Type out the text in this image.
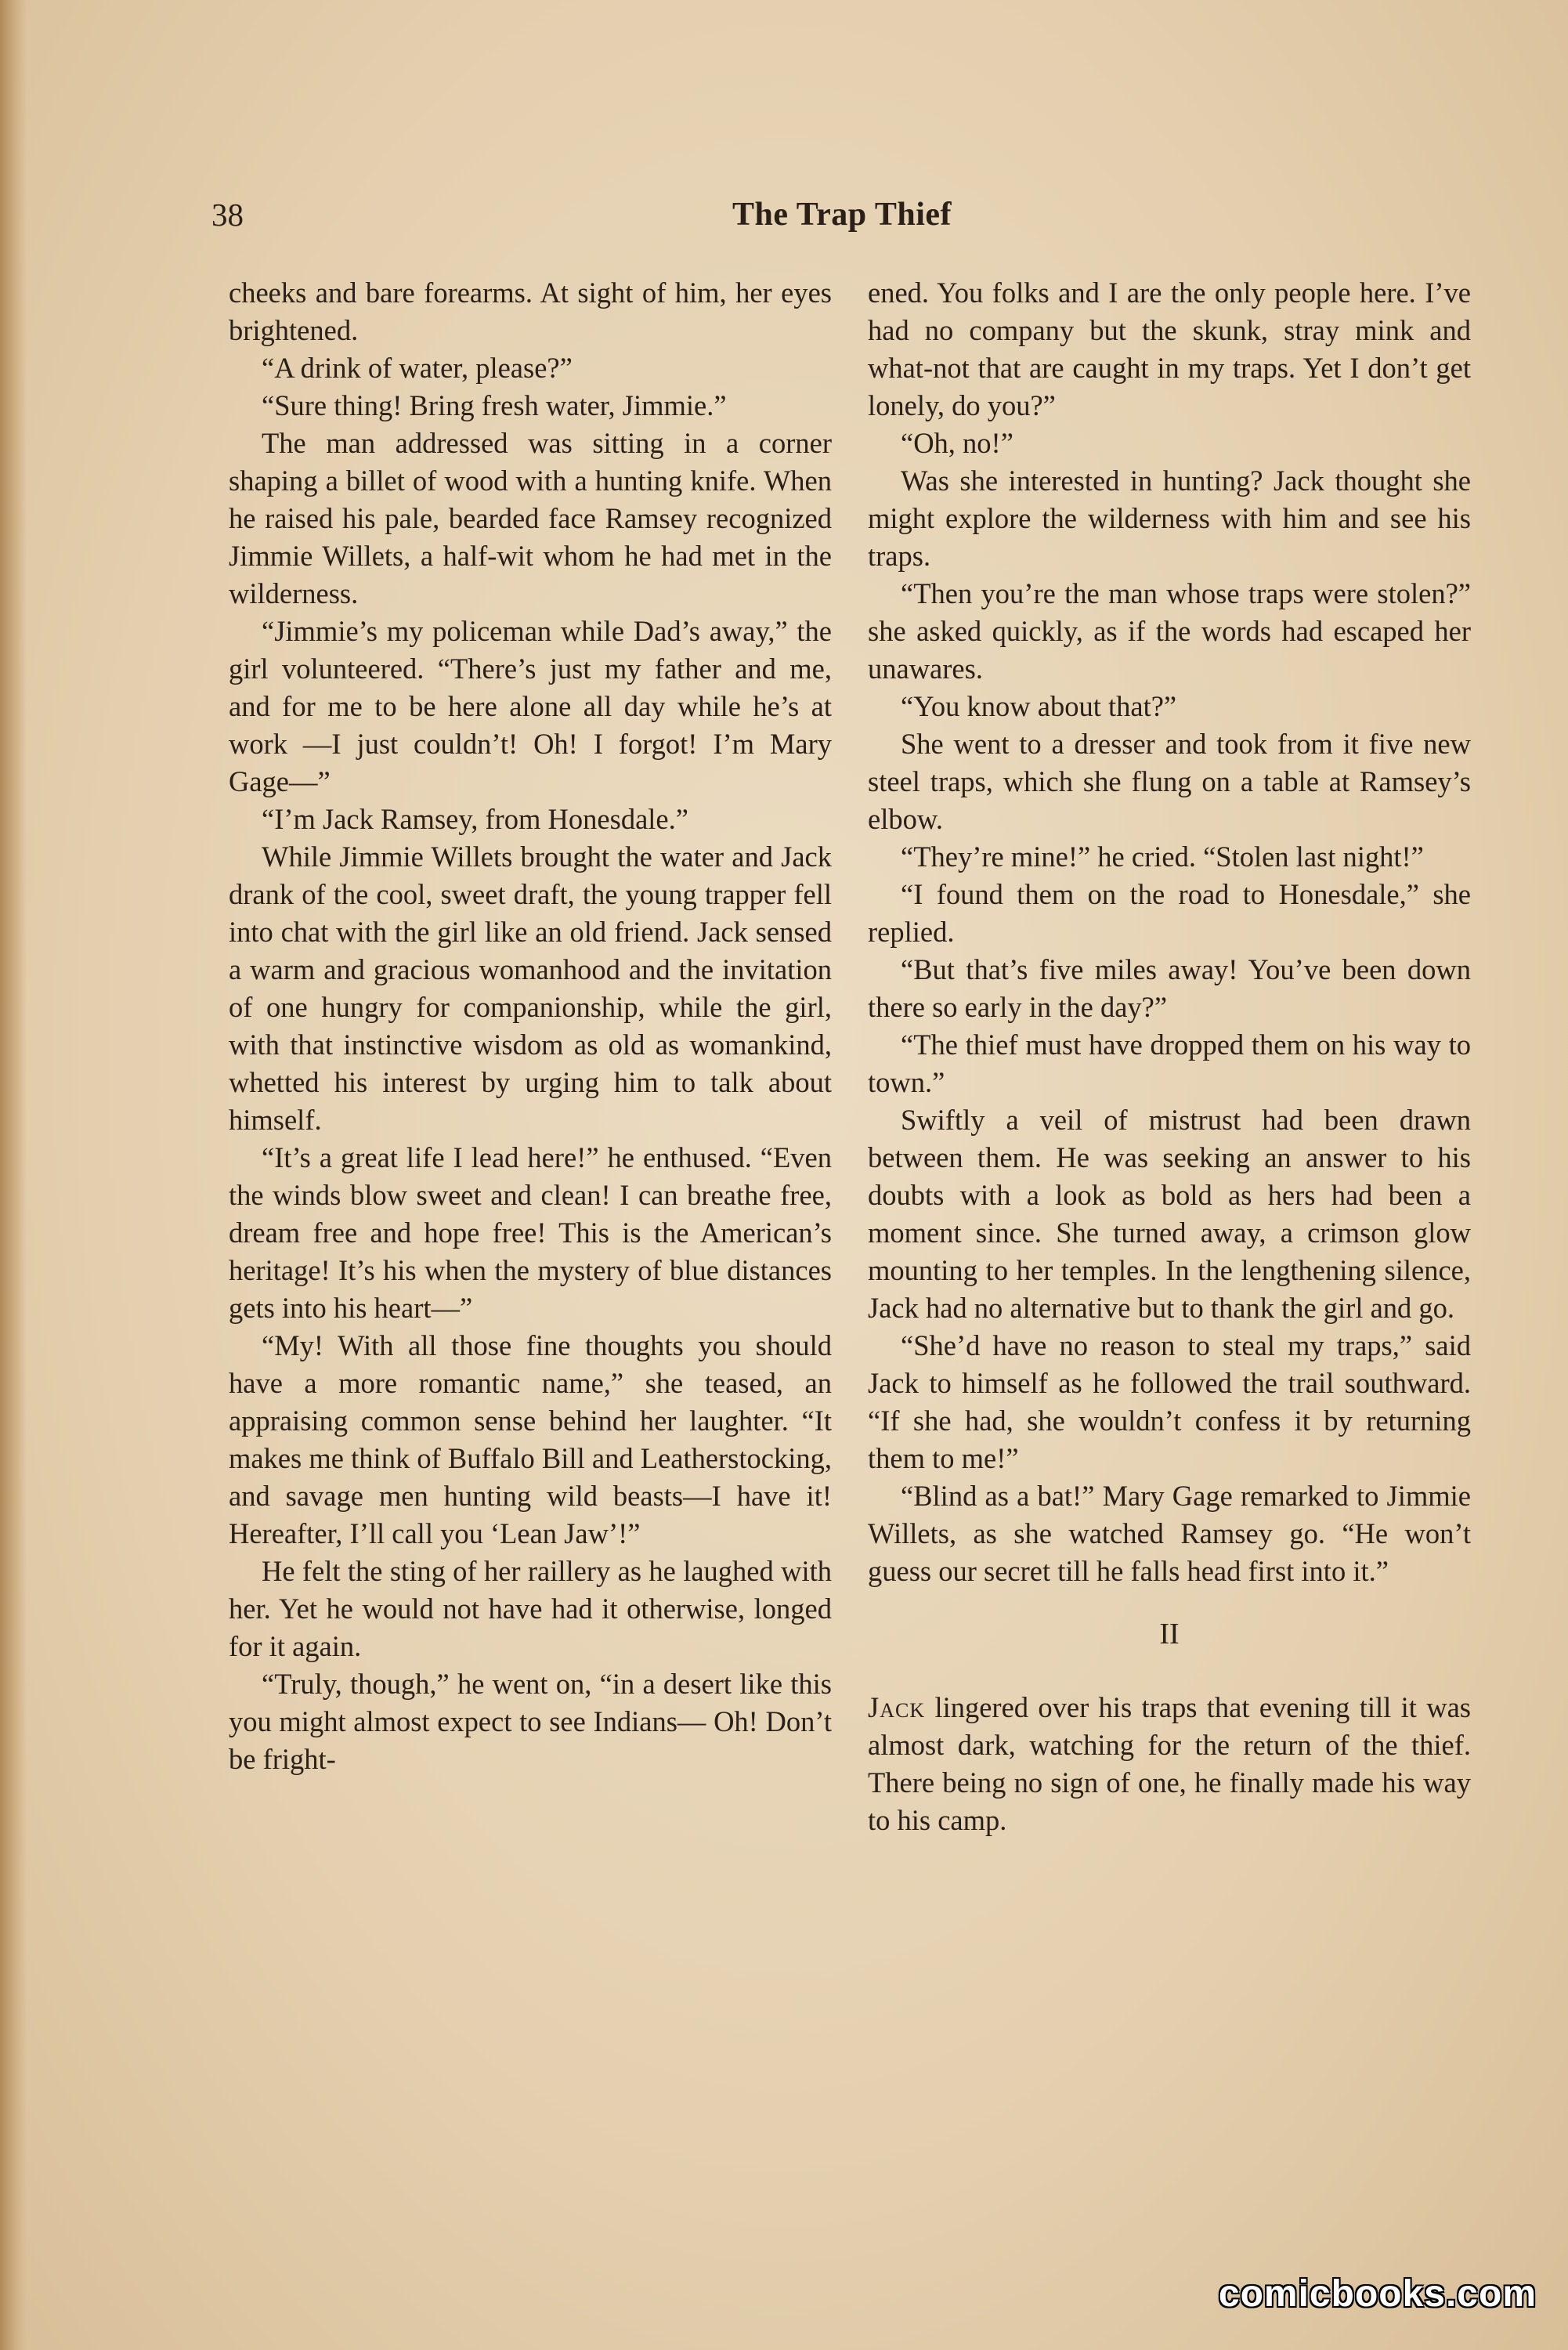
38	The Trap Thief

cheeks and bare forearms. At sight of him, her eyes brightened.

“A drink of water, please?”

“Sure thing! Bring fresh water, Jimmie.”

The man addressed was sitting in a corner shaping a billet of wood with a hunting knife. When he raised his pale, bearded face Ramsey recognized Jimmie Willets, a half-wit whom he had met in the wilderness.

“Jimmie’s my policeman while Dad’s away,” the girl volunteered. “There’s just my father and me, and for me to be here alone all day while he’s at work —I just couldn’t! Oh! I forgot! I’m Mary Gage—”

“I’m Jack Ramsey, from Honesdale.”

While Jimmie Willets brought the water and Jack drank of the cool, sweet draft, the young trapper fell into chat with the girl like an old friend. Jack sensed a warm and gracious womanhood and the invitation of one hungry for companionship, while the girl, with that instinctive wisdom as old as womankind, whetted his interest by urging him to talk about himself.

“It’s a great life I lead here!” he enthused. “Even the winds blow sweet and clean! I can breathe free, dream free and hope free! This is the American’s heritage! It’s his when the mystery of blue distances gets into his heart—”

“My! With all those fine thoughts you should have a more romantic name,” she teased, an appraising common sense behind her laughter. “It makes me think of Buffalo Bill and Leatherstocking, and savage men hunting wild beasts—I have it! Hereafter, I’ll call you ‘Lean Jaw’!”

He felt the sting of her raillery as he laughed with her. Yet he would not have had it otherwise, longed for it again.

“Truly, though,” he went on, “in a desert like this you might almost expect to see Indians— Oh! Don’t be fright-

ened. You folks and I are the only people here. I’ve had no company but the skunk, stray mink and what-not that are caught in my traps. Yet I don’t get lonely, do you?”

“Oh, no!”

Was she interested in hunting? Jack thought she might explore the wilderness with him and see his traps.

“Then you’re the man whose traps were stolen?” she asked quickly, as if the words had escaped her unawares.

“You know about that?”

She went to a dresser and took from it five new steel traps, which she flung on a table at Ramsey’s elbow.

“They’re mine!” he cried. “Stolen last night!”

“I found them on the road to Honesdale,” she replied.

“But that’s five miles away! You’ve been down there so early in the day?”

“The thief must have dropped them on his way to town.”

Swiftly a veil of mistrust had been drawn between them. He was seeking an answer to his doubts with a look as bold as hers had been a moment since. She turned away, a crimson glow mounting to her temples. In the lengthening silence, Jack had no alternative but to thank the girl and go.

“She’d have no reason to steal my traps,” said Jack to himself as he followed the trail southward. “If she had, she wouldn’t confess it by returning them to me!”

“Blind as a bat!” Mary Gage remarked to Jimmie Willets, as she watched Ramsey go. “He won’t guess our secret till he falls head first into it.”

II

Jack lingered over his traps that evening till it was almost dark, watching for the return of the thief. There being no sign of one, he finally made his way to his camp.

comicbooks.com
